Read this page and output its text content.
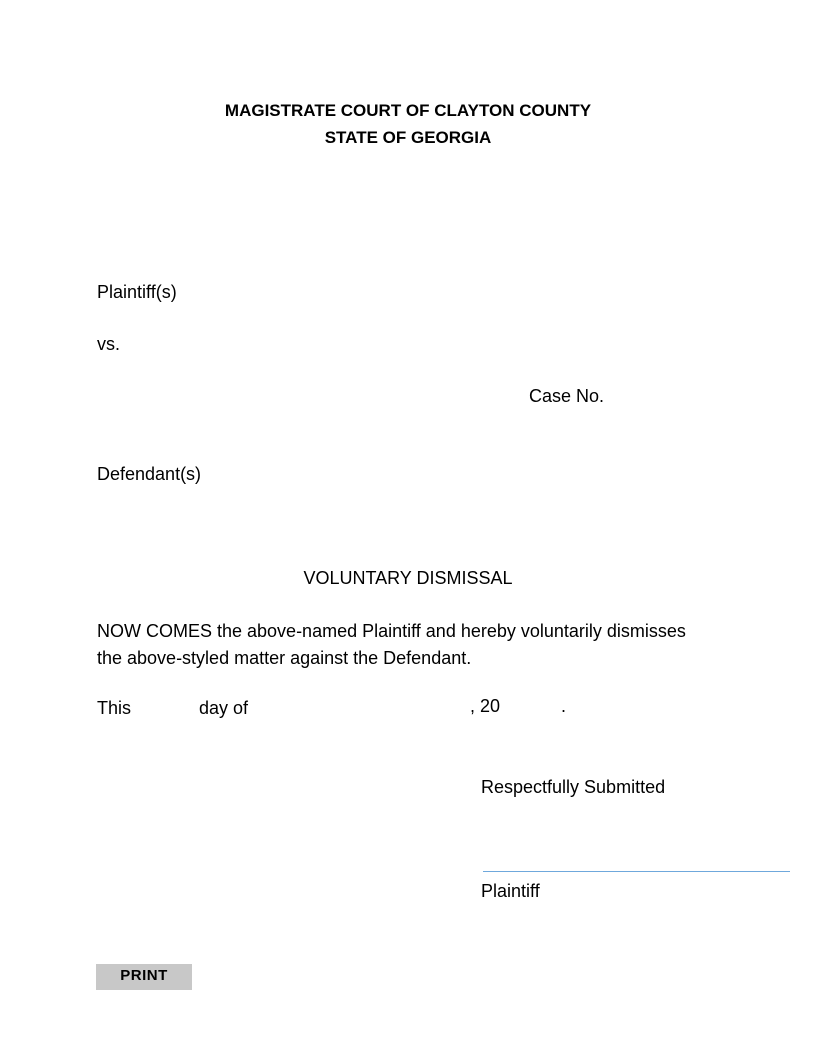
MAGISTRATE COURT OF CLAYTON COUNTY
STATE OF GEORGIA
Plaintiff(s)
vs.
Case No.
Defendant(s)
VOLUNTARY DISMISSAL
NOW COMES the above-named Plaintiff and hereby voluntarily dismisses
the above-styled matter against the Defendant.
This	day of	, 20	.
Respectfully Submitted
Plaintiff
PRINT
